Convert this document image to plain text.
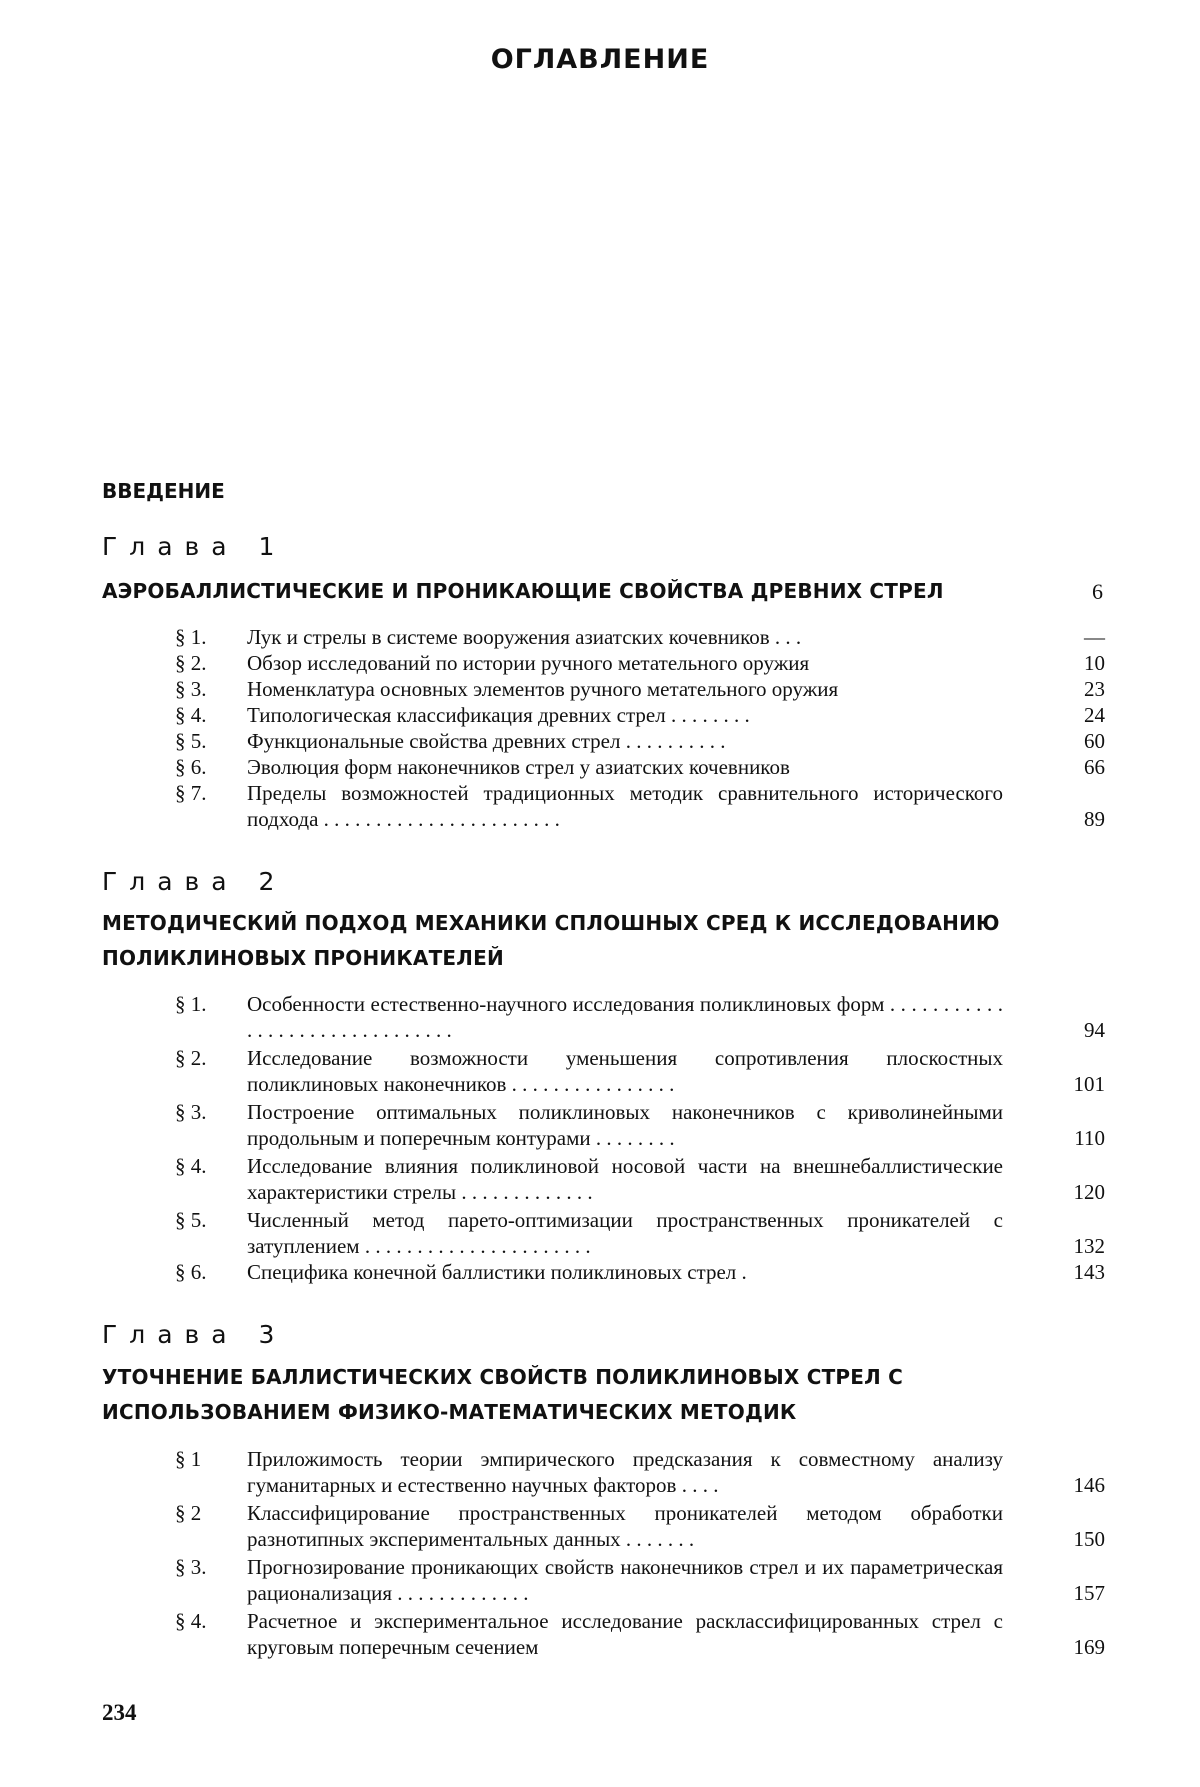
ОГЛАВЛЕНИЕ
ВВЕДЕНИЕ
Глава 1
АЭРОБАЛЛИСТИЧЕСКИЕ И ПРОНИКАЮЩИЕ СВОЙСТВА ДРЕВНИХ СТРЕЛ	6
§ 1.	Лук и стрелы в системе вооружения азиатских кочевников . . .	—
§ 2.	Обзор исследований по истории ручного метательного оружия	10
§ 3.	Номенклатура основных элементов ручного метательного оружия	23
§ 4.	Типологическая классификация древних стрел . . . . . . . .	24
§ 5.	Функциональные свойства древних стрел . . . . . . . . . .	60
§ 6.	Эволюция форм наконечников стрел у азиатских кочевников	66
§ 7.	Пределы возможностей традиционных методик сравнительного исторического подхода . . . . . . . . . . . . . . . . . . . . . . .	89
Глава 2
МЕТОДИЧЕСКИЙ ПОДХОД МЕХАНИКИ СПЛОШНЫХ СРЕД К ИССЛЕДОВАНИЮ ПОЛИКЛИНОВЫХ ПРОНИКАТЕЛЕЙ
§ 1.	Особенности естественно-научного исследования поликлиновых форм . . . . . . . . . . . . . . . . . . . . . . . . . . . . . . .	94
§ 2.	Исследование возможности уменьшения сопротивления плоскостных поликлиновых наконечников . . . . . . . . . . . . . . . .	101
§ 3.	Построение оптимальных поликлиновых наконечников с криволинейными продольным и поперечным контурами . . . . . . . .	110
§ 4.	Исследование влияния поликлиновой носовой части на внешнебаллистические характеристики стрелы . . . . . . . . . . . . .	120
§ 5.	Численный метод парето-оптимизации пространственных проникателей с затуплением . . . . . . . . . . . . . . . . . . . . . .	132
§ 6.	Специфика конечной баллистики поликлиновых стрел .	143
Глава 3
УТОЧНЕНИЕ БАЛЛИСТИЧЕСКИХ СВОЙСТВ ПОЛИКЛИНОВЫХ СТРЕЛ С ИСПОЛЬЗОВАНИЕМ ФИЗИКО-МАТЕМАТИЧЕСКИХ МЕТОДИК
§ 1	Приложимость теории эмпирического предсказания к совместному анализу гуманитарных и естественно научных факторов . . . .	146
§ 2	Классифицирование пространственных проникателей методом обработки разнотипных экспериментальных данных . . . . . . .	150
§ 3.	Прогнозирование проникающих свойств наконечников стрел и их параметрическая рационализация . . . . . . . . . . . . .	157
§ 4.	Расчетное и экспериментальное исследование расклассифицированных стрел с круговым поперечным сечением	169
234
